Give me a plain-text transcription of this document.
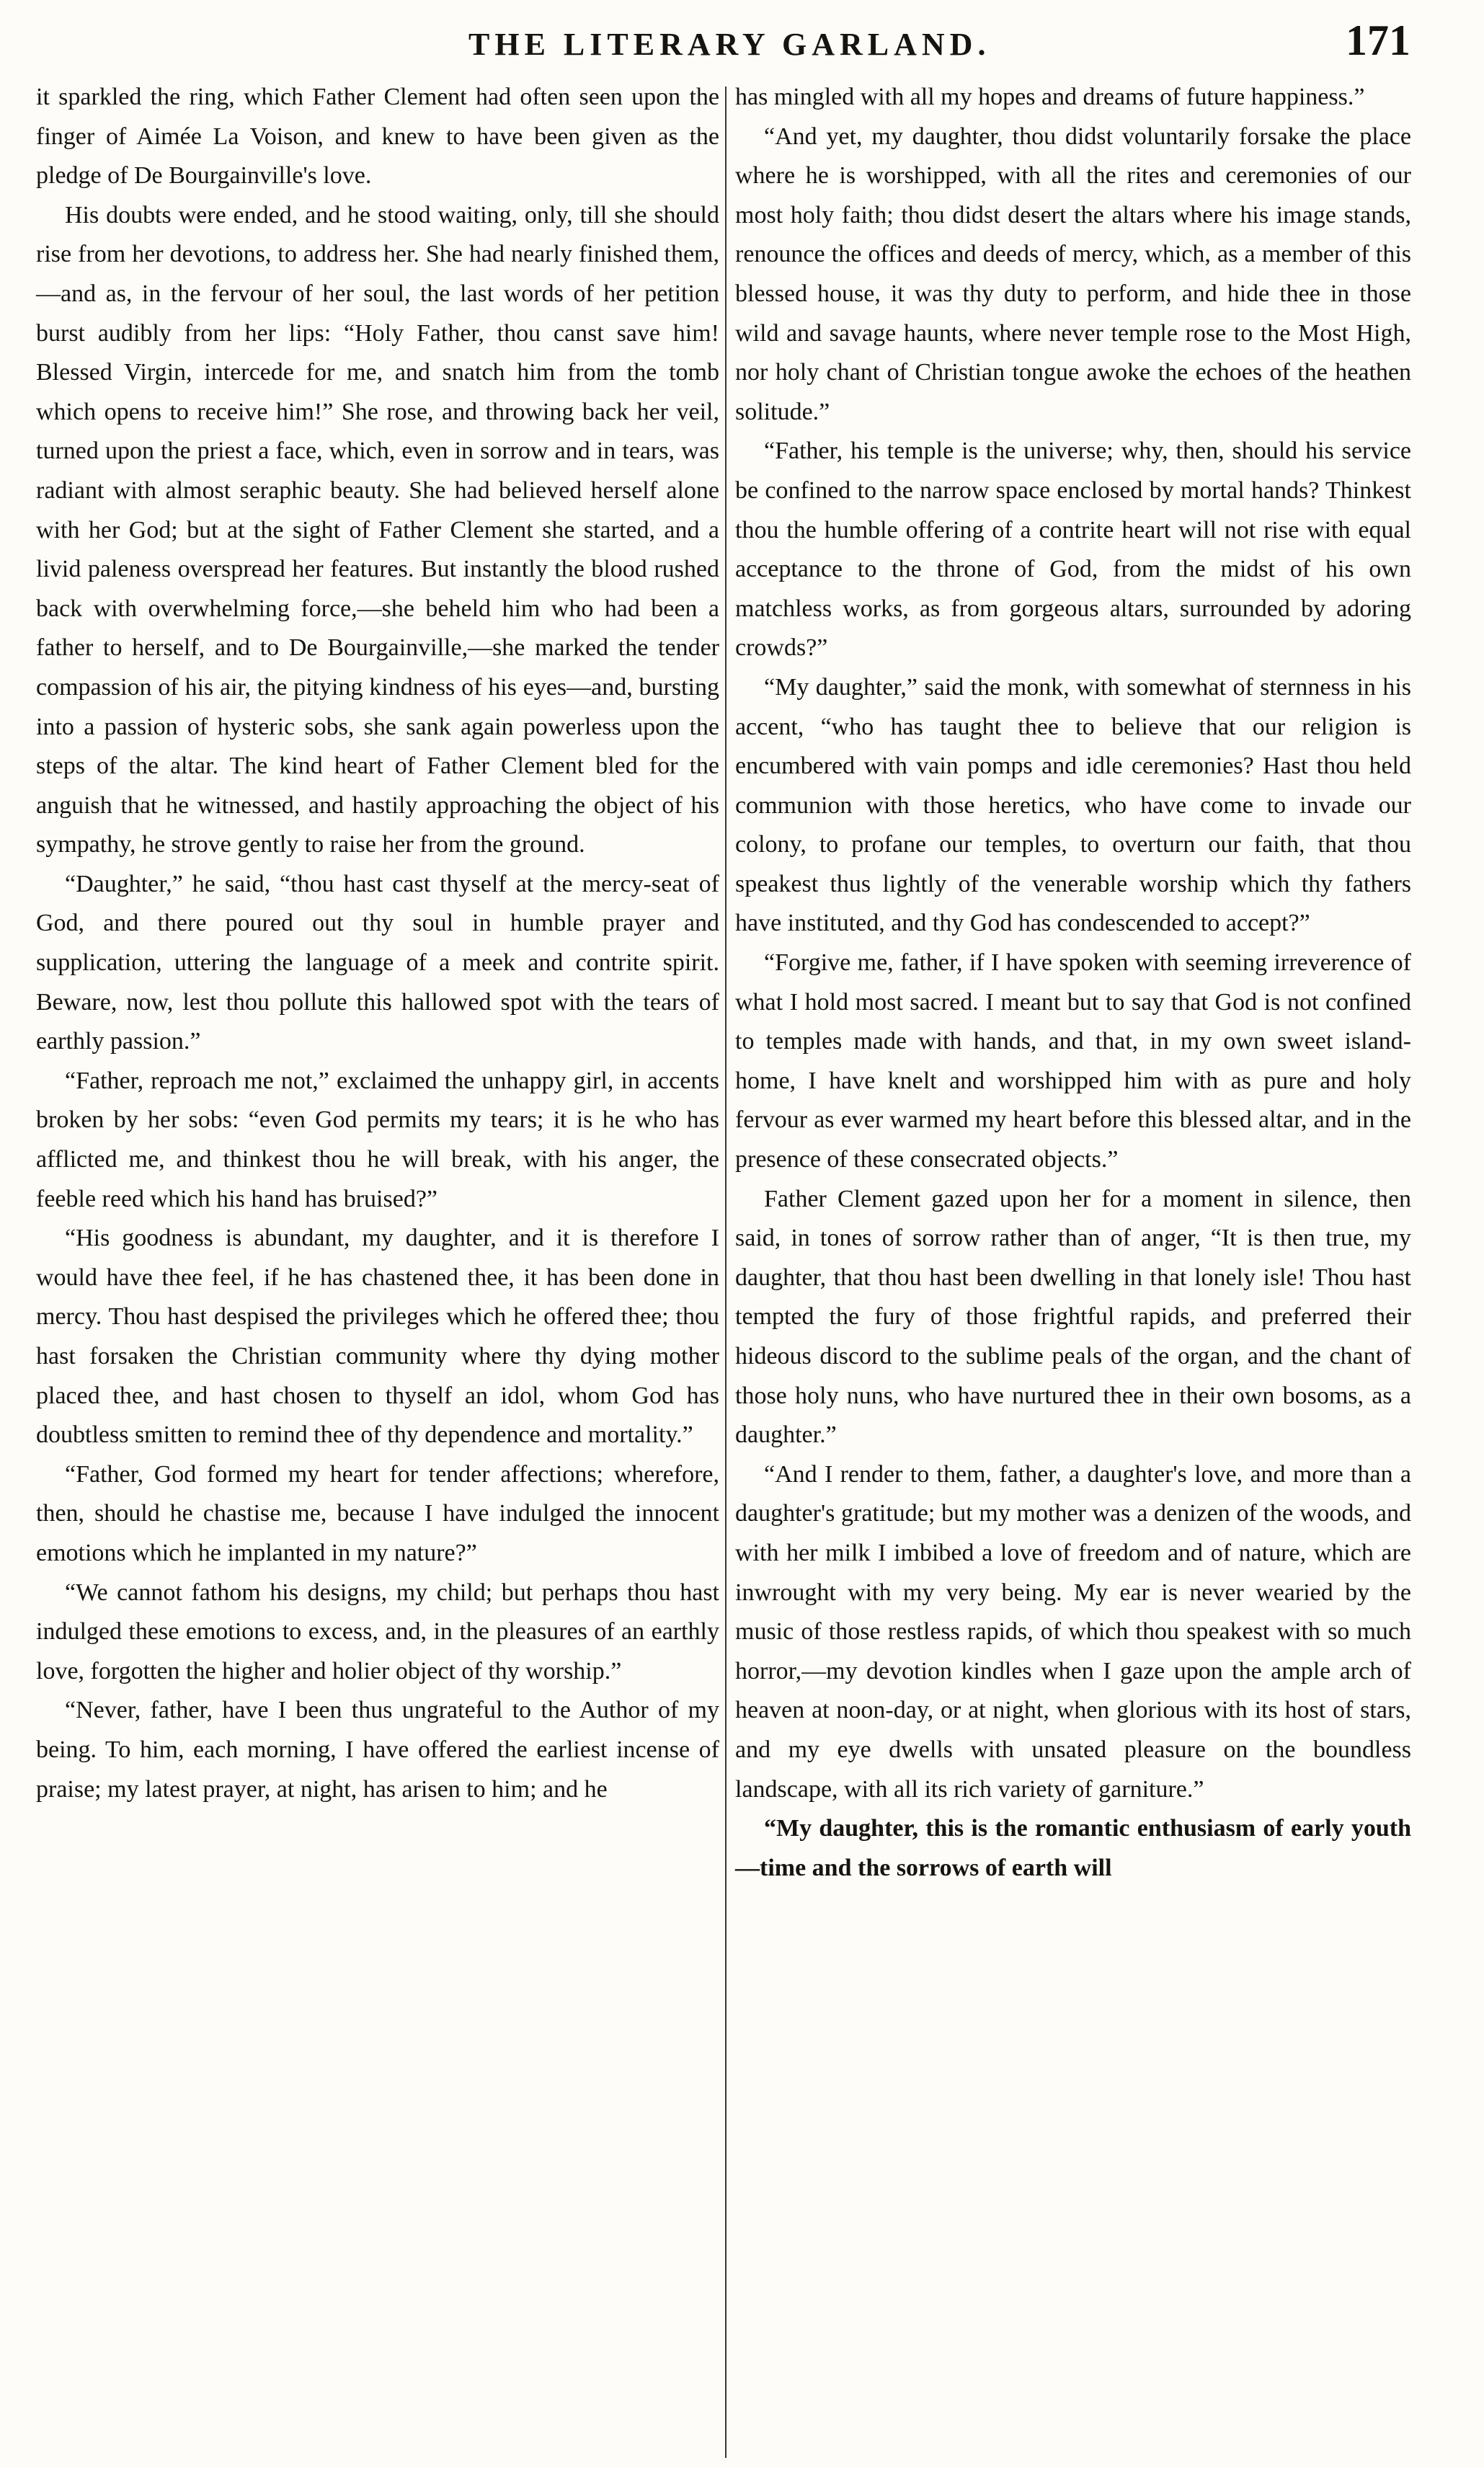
THE LITERARY GARLAND.	171

it sparkled the ring, which Father Clement had often seen upon the finger of Aimée La Voison, and knew to have been given as the pledge of De Bourgainville's love.

His doubts were ended, and he stood waiting, only, till she should rise from her devotions, to address her. She had nearly finished them,—and as, in the fervour of her soul, the last words of her petition burst audibly from her lips: “Holy Father, thou canst save him! Blessed Virgin, intercede for me, and snatch him from the tomb which opens to receive him!” She rose, and throwing back her veil, turned upon the priest a face, which, even in sorrow and in tears, was radiant with almost seraphic beauty. She had believed herself alone with her God; but at the sight of Father Clement she started, and a livid paleness overspread her features. But instantly the blood rushed back with overwhelming force,—she beheld him who had been a father to herself, and to De Bourgainville,—she marked the tender compassion of his air, the pitying kindness of his eyes—and, bursting into a passion of hysteric sobs, she sank again powerless upon the steps of the altar. The kind heart of Father Clement bled for the anguish that he witnessed, and hastily approaching the object of his sympathy, he strove gently to raise her from the ground.

“Daughter,” he said, “thou hast cast thyself at the mercy-seat of God, and there poured out thy soul in humble prayer and supplication, uttering the language of a meek and contrite spirit. Beware, now, lest thou pollute this hallowed spot with the tears of earthly passion.”

“Father, reproach me not,” exclaimed the unhappy girl, in accents broken by her sobs: “even God permits my tears; it is he who has afflicted me, and thinkest thou he will break, with his anger, the feeble reed which his hand has bruised?”

“His goodness is abundant, my daughter, and it is therefore I would have thee feel, if he has chastened thee, it has been done in mercy. Thou hast despised the privileges which he offered thee; thou hast forsaken the Christian community where thy dying mother placed thee, and hast chosen to thyself an idol, whom God has doubtless smitten to remind thee of thy dependence and mortality.”

“Father, God formed my heart for tender affections; wherefore, then, should he chastise me, because I have indulged the innocent emotions which he implanted in my nature?”

“We cannot fathom his designs, my child; but perhaps thou hast indulged these emotions to excess, and, in the pleasures of an earthly love, forgotten the higher and holier object of thy worship.”

“Never, father, have I been thus ungrateful to the Author of my being. To him, each morning, I have offered the earliest incense of praise; my latest prayer, at night, has arisen to him; and he

has mingled with all my hopes and dreams of future happiness.”

“And yet, my daughter, thou didst voluntarily forsake the place where he is worshipped, with all the rites and ceremonies of our most holy faith; thou didst desert the altars where his image stands, renounce the offices and deeds of mercy, which, as a member of this blessed house, it was thy duty to perform, and hide thee in those wild and savage haunts, where never temple rose to the Most High, nor holy chant of Christian tongue awoke the echoes of the heathen solitude.”

“Father, his temple is the universe; why, then, should his service be confined to the narrow space enclosed by mortal hands? Thinkest thou the humble offering of a contrite heart will not rise with equal acceptance to the throne of God, from the midst of his own matchless works, as from gorgeous altars, surrounded by adoring crowds?”

“My daughter,” said the monk, with somewhat of sternness in his accent, “who has taught thee to believe that our religion is encumbered with vain pomps and idle ceremonies? Hast thou held communion with those heretics, who have come to invade our colony, to profane our temples, to overturn our faith, that thou speakest thus lightly of the venerable worship which thy fathers have instituted, and thy God has condescended to accept?”

“Forgive me, father, if I have spoken with seeming irreverence of what I hold most sacred. I meant but to say that God is not confined to temples made with hands, and that, in my own sweet island-home, I have knelt and worshipped him with as pure and holy fervour as ever warmed my heart before this blessed altar, and in the presence of these consecrated objects.”

Father Clement gazed upon her for a moment in silence, then said, in tones of sorrow rather than of anger, “It is then true, my daughter, that thou hast been dwelling in that lonely isle! Thou hast tempted the fury of those frightful rapids, and preferred their hideous discord to the sublime peals of the organ, and the chant of those holy nuns, who have nurtured thee in their own bosoms, as a daughter.”

“And I render to them, father, a daughter's love, and more than a daughter's gratitude; but my mother was a denizen of the woods, and with her milk I imbibed a love of freedom and of nature, which are inwrought with my very being. My ear is never wearied by the music of those restless rapids, of which thou speakest with so much horror,—my devotion kindles when I gaze upon the ample arch of heaven at noon-day, or at night, when glorious with its host of stars, and my eye dwells with unsated pleasure on the boundless landscape, with all its rich variety of garniture.”

“My daughter, this is the romantic enthusiasm of early youth—time and the sorrows of earth will
